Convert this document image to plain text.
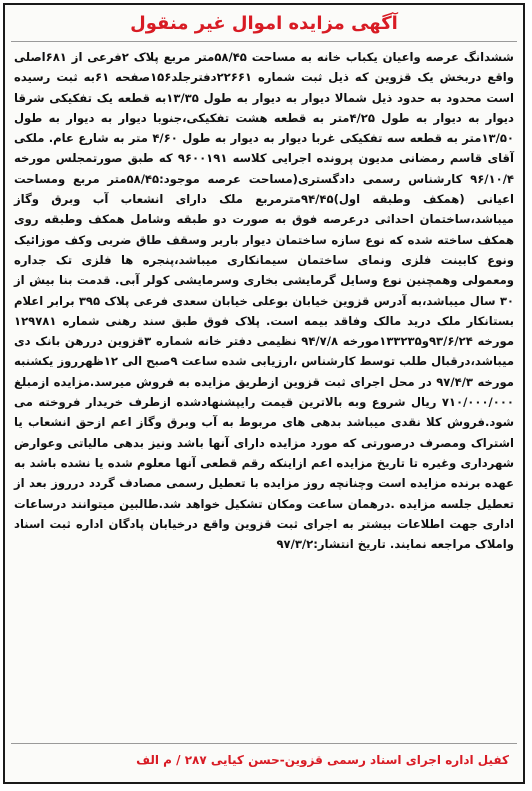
آگهی مزایده اموال غیر منقول
ششدانگ عرصه واعیان یکباب خانه به مساحت ۵۸/۴۵متر مربع پلاک ۲فرعی از ۶۸۱اصلی واقع دربخش یک قزوین که ذیل ثبت شماره ۲۲۶۶۱دفترجلد۱۵۶صفحه ۶۱به ثبت رسیده است محدود به حدود ذیل شمالا دیوار به دیوار به طول ۱۳/۳۵به قطعه یک تفکیکی شرقا دیوار به دیوار به طول ۴/۲۵متر به قطعه هشت تفکیکی،جنوبا دیوار به دیوار به طول ۱۳/۵۰متر به قطعه سه تفکیکی غربا دیوار به دیوار به طول ۴/۶۰ متر به شارع عام. ملکی آقای قاسم رمضانی مدیون پرونده اجرایی کلاسه ۹۶۰۰۱۹۱ که طبق صورتمجلس مورخه ۹۶/۱۰/۴ کارشناس رسمی دادگستری(مساحت عرصه موجود:۵۸/۴۵متر مربع ومساحت اعیانی (همکف وطبقه اول)۹۴/۴۵مترمربع ملک دارای انشعاب آب وبرق وگاز میباشد،ساختمان احداثی درعرصه فوق به صورت دو طبقه وشامل همکف وطبقه روی همکف ساخته شده که نوع سازه ساختمان دیوار باربر وسقف طاق ضربی وکف موزائیک ونوع کابینت فلزی ونمای ساختمان سیمانکاری میباشد،پنجره ها فلزی تک جداره ومعمولی وهمچنین نوع وسایل گرمایشی بخاری وسرمایشی کولر آبی. قدمت بنا بیش از ۳۰ سال میباشد،به آدرس قزوین خیابان بوعلی خیابان سعدی فرعی پلاک ۳۹۵ برابر اعلام بستانکار ملک درید مالک وفاقد بیمه است. پلاک فوق طبق سند رهنی شماره ۱۲۹۷۸۱ مورخه ۹۳/۶/۲۴و۱۳۳۲۳۵مورخه ۹۴/۷/۸ نظیمی دفتر خانه شماره ۳قزوین دررهن بانک دی میباشد،درقبال طلب توسط کارشناس ،ارزیابی شده ساعت ۹صبح الی ۱۲ظهرروز یکشنبه مورخه ۹۷/۴/۳ در محل اجرای ثبت قزوین ازطریق مزایده به فروش میرسد.مزایده ازمبلغ ۷۱۰/۰۰۰/۰۰۰ ریال شروع وبه بالاترین قیمت رایپشنهادشده ازطرف خریدار فروخته می شود.فروش کلا نقدی میباشد بدهی های مربوط به آب وبرق وگاز اعم ازحق انشعاب یا اشتراک ومصرف درصورتی که مورد مزایده دارای آنها باشد ونیز بدهی مالیاتی وعوارض شهرداری وغیره تا تاریخ مزایده اعم ازاینکه رقم قطعی آنها معلوم شده یا نشده باشد به عهده برنده مزایده است وچنانچه روز مزایده با تعطیل رسمی مصادف گردد درروز بعد از تعطیل جلسه مزایده .درهمان ساعت ومکان تشکیل خواهد شد.طالبین میتوانند درساعات اداری جهت اطلاعات بیشتر به اجرای ثبت قزوین واقع درخیابان پادگان اداره ثبت اسناد واملاک مراجعه نمایند. تاریخ انتشار:۹۷/۳/۲
کفیل اداره اجرای اسناد رسمی قزوین-حسن کیایی ۲۸۷ / م الف
